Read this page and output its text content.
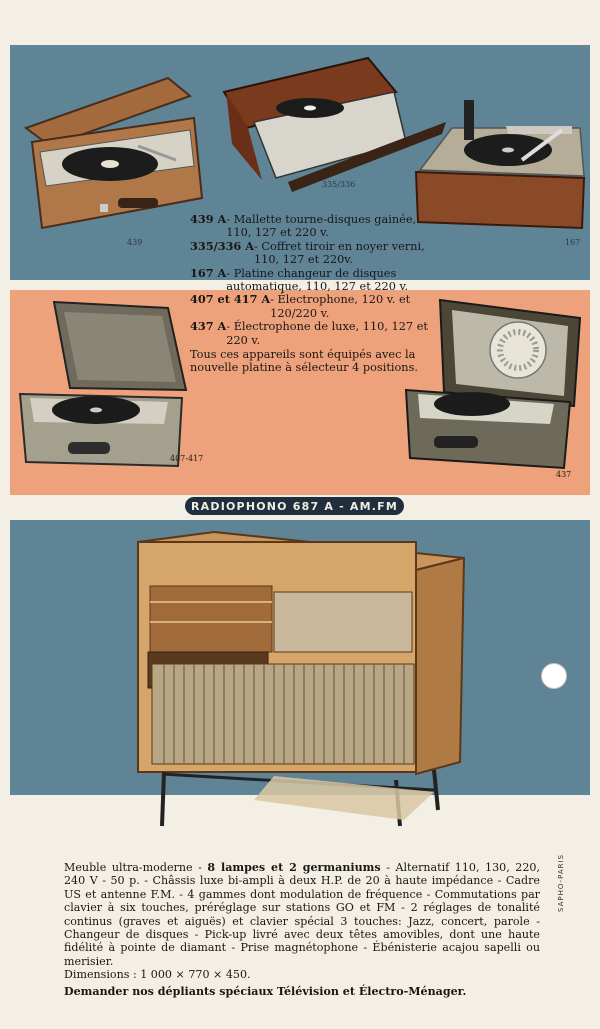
439
335/336
167
407-417
437
439 A - Mallette tourne-disques gainée, 110, 127 et 220 v.
335/336 A - Coffret tiroir en noyer verni, 110, 127 et 220v.
167 A - Platine changeur de disques automatique, 110, 127 et 220 v.
407 et 417 A - Électrophone, 120 v. et 120/220 v.
437 A - Électrophone de luxe, 110, 127 et 220 v.
Tous ces appareils sont équipés avec la nouvelle platine à sélecteur 4 positions.
RADIOPHONO 687 A - AM.FM
Meuble ultra-moderne - 8 lampes et 2 germaniums - Alternatif 110, 130, 220, 240 V - 50 p. - Châssis luxe bi-ampli à deux H.P. de 20 à haute impédance - Cadre US et antenne F.M. - 4 gammes dont modulation de fréquence - Commutations par clavier à six touches, préréglage sur stations GO et FM - 2 réglages de tonalité continus (graves et aiguës) et clavier spécial 3 touches: Jazz, concert, parole - Changeur de disques - Pick-up livré avec deux têtes amovibles, dont une haute fidélité à pointe de diamant - Prise magnétophone - Ébénisterie acajou sapelli ou merisier.
Dimensions : 1 000 × 770 × 450.
Demander nos dépliants spéciaux Télévision et Électro-Ménager.
SAPHO-PARIS
